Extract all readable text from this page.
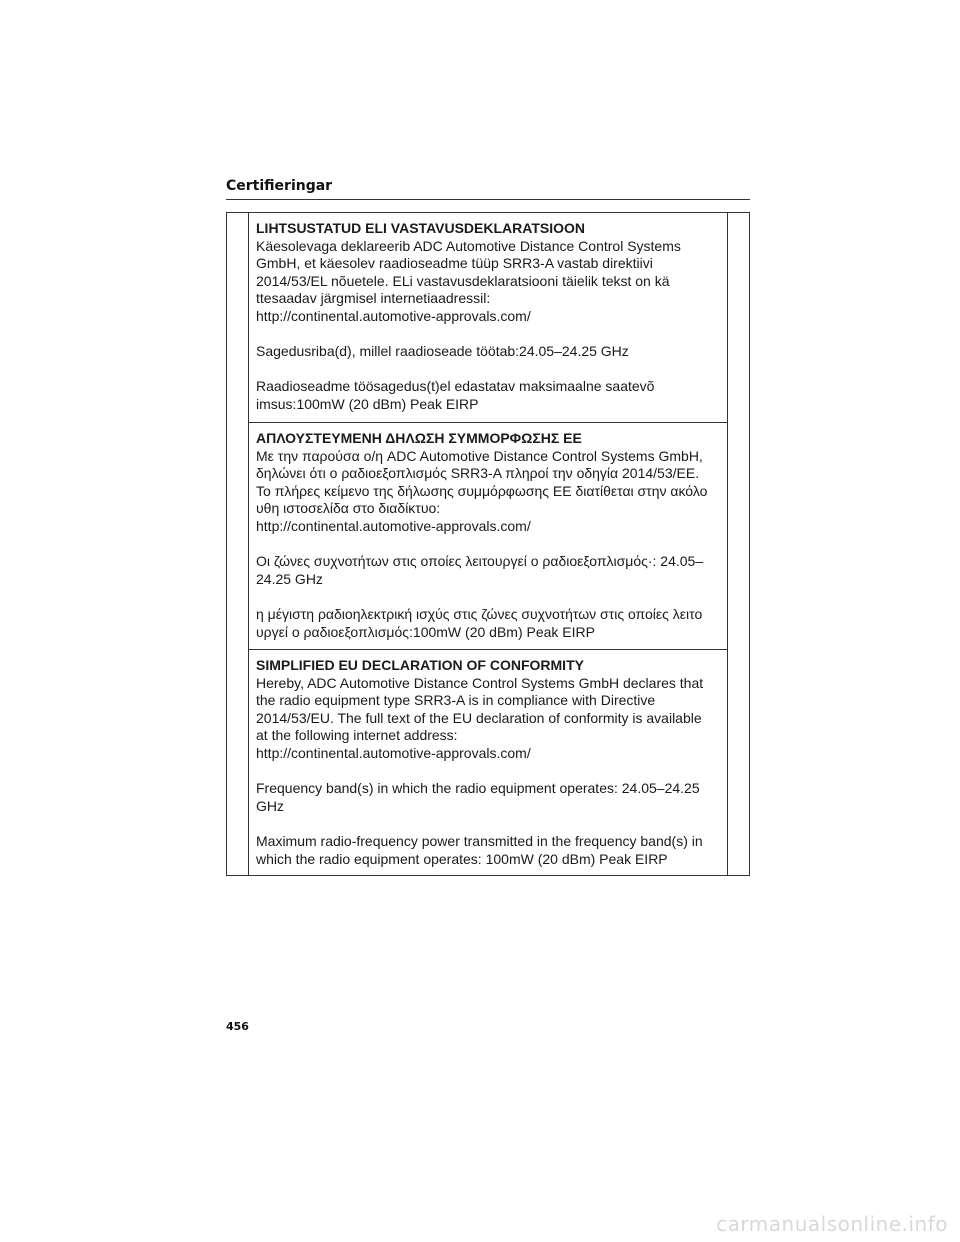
Certifieringar
LIHTSUSTATUD ELI VASTAVUSDEKLARATSIOON
Käesolevaga deklareerib ADC Automotive Distance Control Systems
GmbH, et käesolev raadioseadme tüüp SRR3-A vastab direktiivi
2014/53/EL nõuetele. ELi vastavusdeklaratsiooni täielik tekst on kä
ttesaadav järgmisel internetiaadressil:
http://continental.automotive-approvals.com/
Sagedusriba(d), millel raadioseade töötab:24.05–24.25 GHz
Raadioseadme töösagedus(t)el edastatav maksimaalne saatevõ
imsus:100mW (20 dBm) Peak EIRP
ΑΠΛΟΥΣΤΕΥΜΕΝΗ ΔΗΛΩΣΗ ΣΥΜΜΟΡΦΩΣΗΣ ΕΕ
Με την παρούσα ο/η ADC Automotive Distance Control Systems GmbH,
δηλώνει ότι ο ραδιοεξοπλισμός SRR3-A πληροί την οδηγία 2014/53/ΕΕ.
Το πλήρες κείμενο της δήλωσης συμμόρφωσης ΕΕ διατίθεται στην ακόλο
υθη ιστοσελίδα στο διαδίκτυο:
http://continental.automotive-approvals.com/
Οι ζώνες συχνοτήτων στις οποίες λειτουργεί ο ραδιοεξοπλισμός·: 24.05–
24.25 GHz
η μέγιστη ραδιοηλεκτρική ισχύς στις ζώνες συχνοτήτων στις οποίες λειτο
υργεί ο ραδιοεξοπλισμός:100mW (20 dBm) Peak EIRP
SIMPLIFIED EU DECLARATION OF CONFORMITY
Hereby, ADC Automotive Distance Control Systems GmbH declares that
the radio equipment type SRR3-A is in compliance with Directive
2014/53/EU. The full text of the EU declaration of conformity is available
at the following internet address:
http://continental.automotive-approvals.com/
Frequency band(s) in which the radio equipment operates: 24.05–24.25
GHz
Maximum radio-frequency power transmitted in the frequency band(s) in
which the radio equipment operates: 100mW (20 dBm) Peak EIRP
456
carmanualsonline.info
